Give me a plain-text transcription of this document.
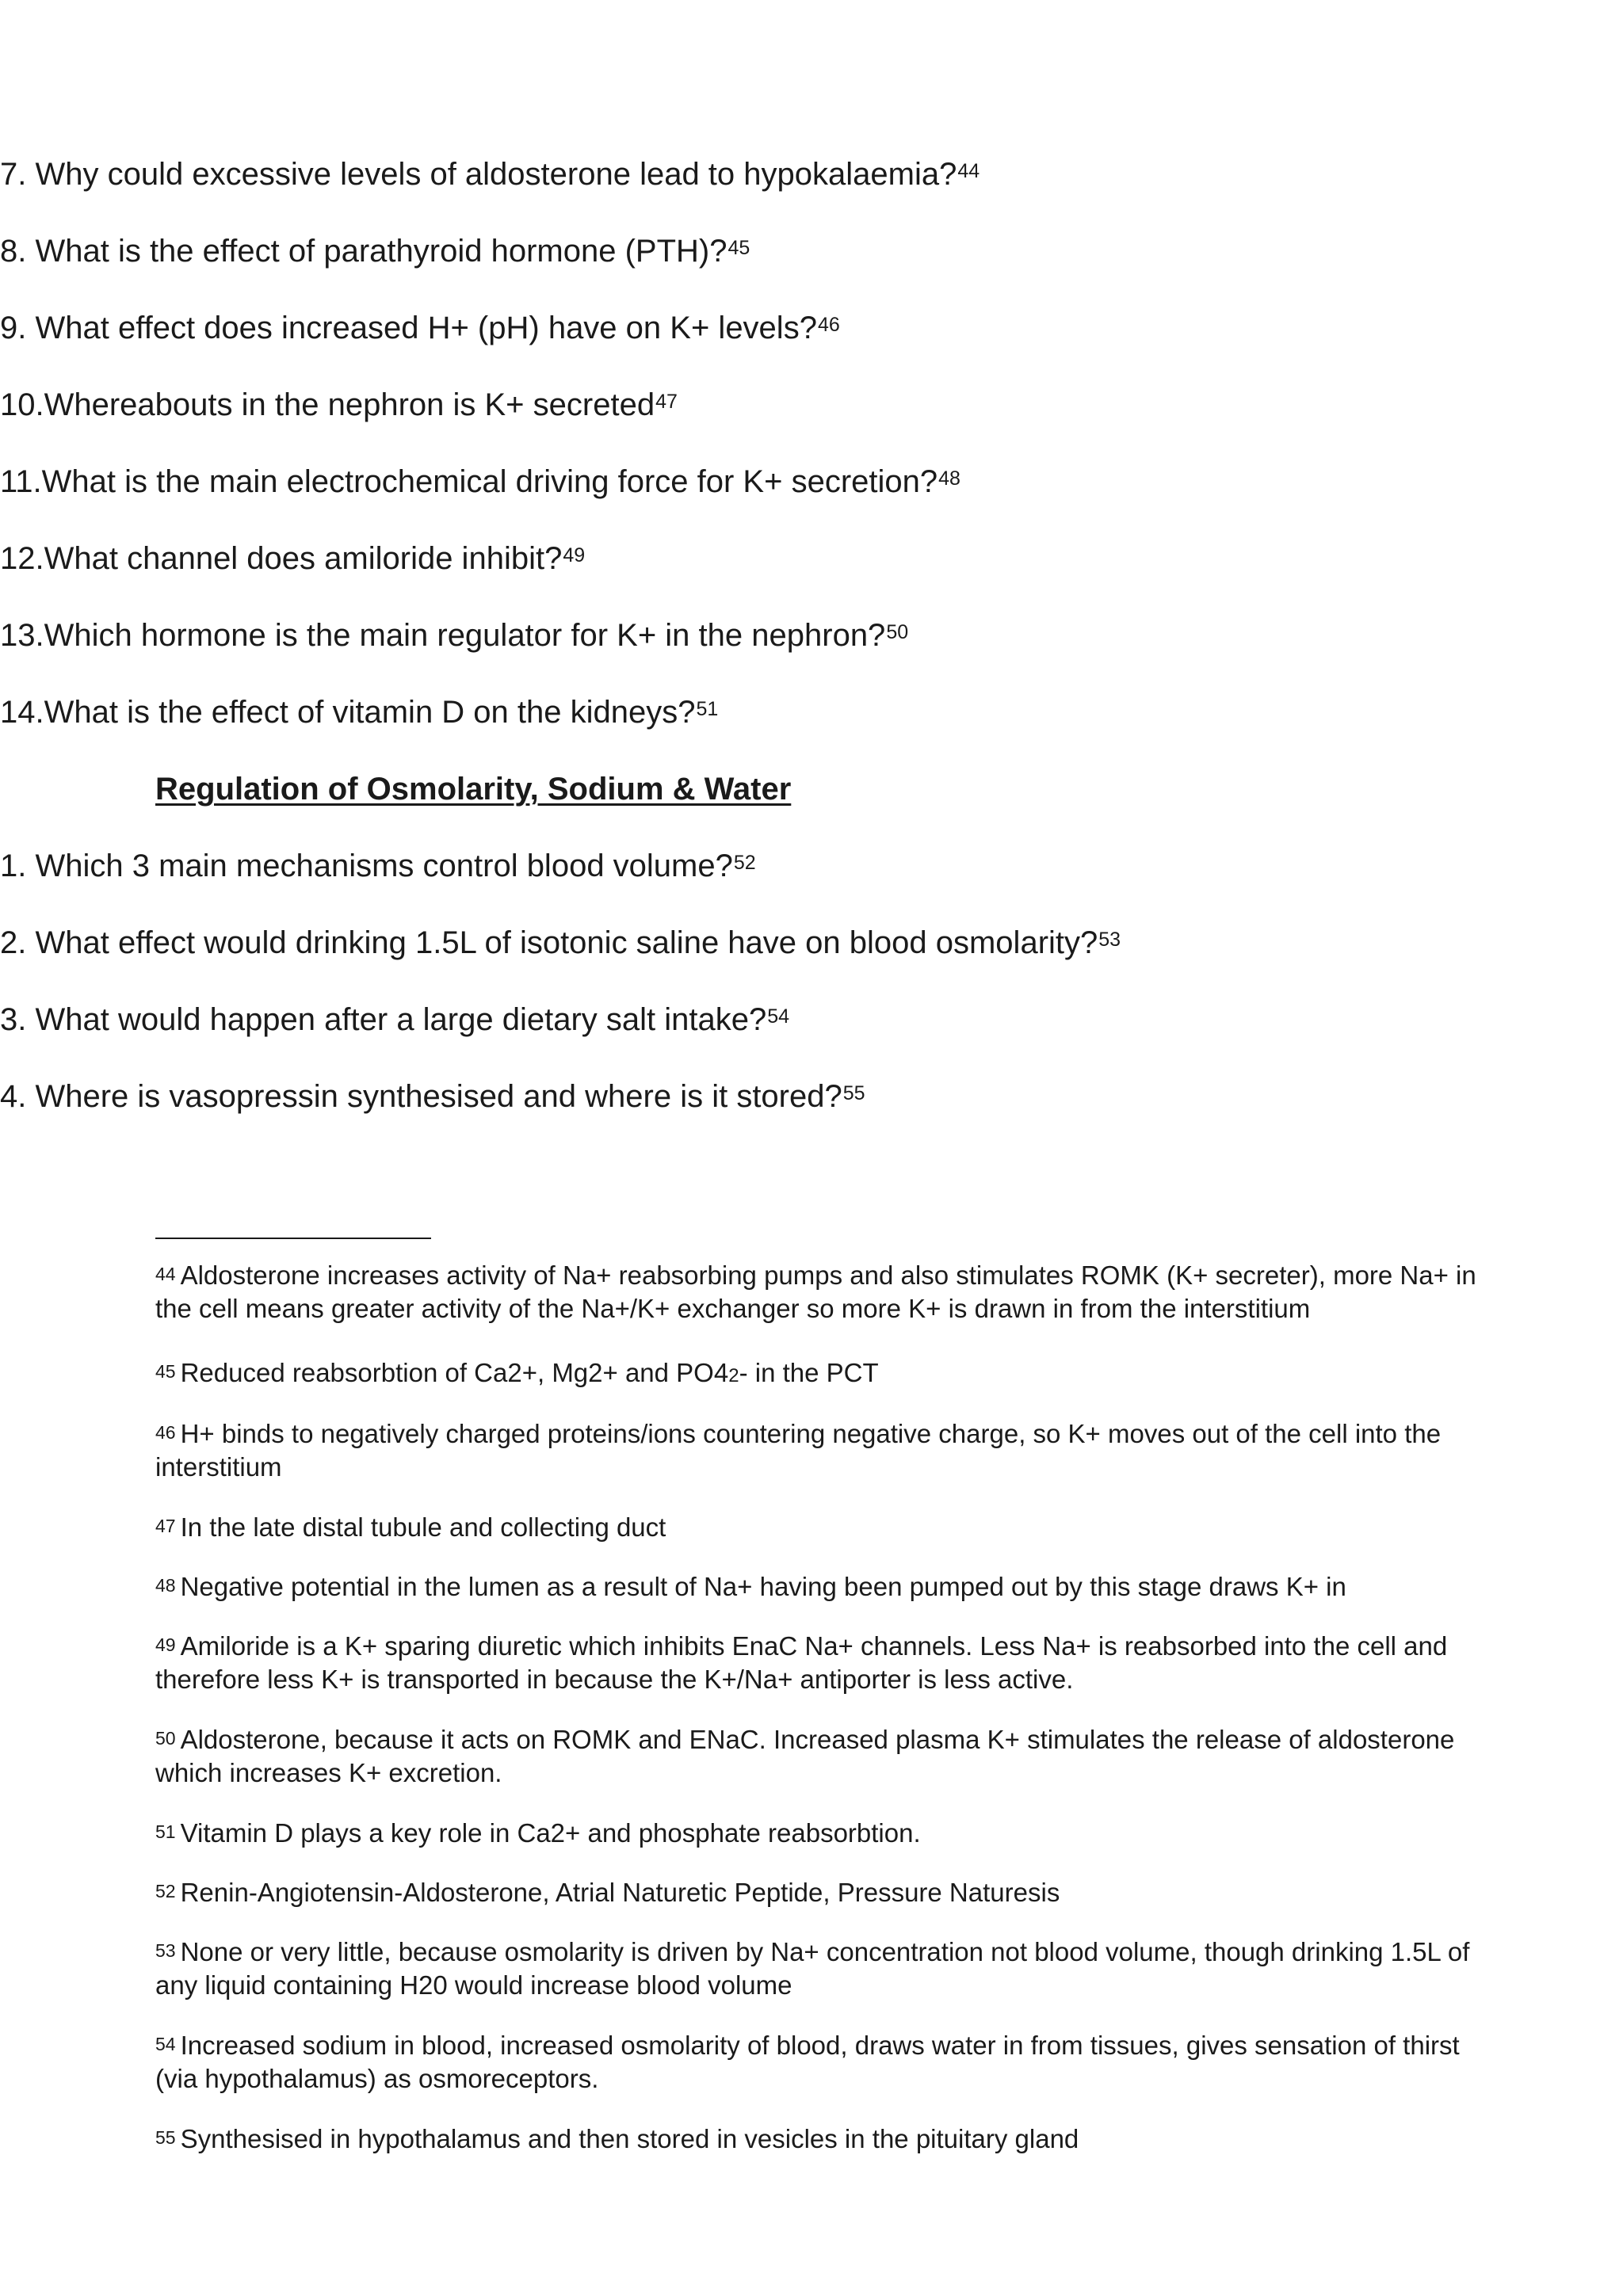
7. Why could excessive levels of aldosterone lead to hypokalaemia?$^{44}$
8. What is the effect of parathyroid hormone (PTH)?$^{45}$
9. What effect does increased H+ (pH) have on K+ levels?$^{46}$
10.Whereabouts in the nephron is K+ secreted$^{47}$
11.What is the main electrochemical driving force for K+ secretion?$^{48}$
12.What channel does amiloride inhibit?$^{49}$
13.Which hormone is the main regulator for K+ in the nephron?$^{50}$
14.What is the effect of vitamin D on the kidneys?$^{51}$
Regulation of Osmolarity, Sodium & Water
1. Which 3 main mechanisms control blood volume?$^{52}$
2. What effect would drinking 1.5L of isotonic saline have on blood osmolarity?$^{53}$
3. What would happen after a large dietary salt intake?$^{54}$
4. Where is vasopressin synthesised and where is it stored?$^{55}$
$^{44}$ Aldosterone increases activity of Na+ reabsorbing pumps and also stimulates ROMK (K+ secreter), more Na+ in the cell means greater activity of the Na+/K+ exchanger so more K+ is drawn in from the interstitium
$^{45}$ Reduced reabsorbtion of Ca2+, Mg2+ and PO42- in the PCT
$^{46}$ H+ binds to negatively charged proteins/ions countering negative charge, so K+ moves out of the cell into the interstitium
$^{47}$ In the late distal tubule and collecting duct
$^{48}$ Negative potential in the lumen as a result of Na+ having been pumped out by this stage draws K+ in
$^{49}$ Amiloride is a K+ sparing diuretic which inhibits EnaC Na+ channels. Less Na+ is reabsorbed into the cell and therefore less K+ is transported in because the K+/Na+ antiporter is less active.
$^{50}$ Aldosterone, because it acts on ROMK and ENaC. Increased plasma K+ stimulates the release of aldosterone which increases K+ excretion.
$^{51}$ Vitamin D plays a key role in Ca2+ and phosphate reabsorbtion.
$^{52}$ Renin-Angiotensin-Aldosterone, Atrial Naturetic Peptide, Pressure Naturesis
$^{53}$ None or very little, because osmolarity is driven by Na+ concentration not blood volume, though drinking 1.5L of any liquid containing H20 would increase blood volume
$^{54}$ Increased sodium in blood, increased osmolarity of blood, draws water in from tissues, gives sensation of thirst (via hypothalamus) as osmoreceptors.
$^{55}$ Synthesised in hypothalamus and then stored in vesicles in the pituitary gland
